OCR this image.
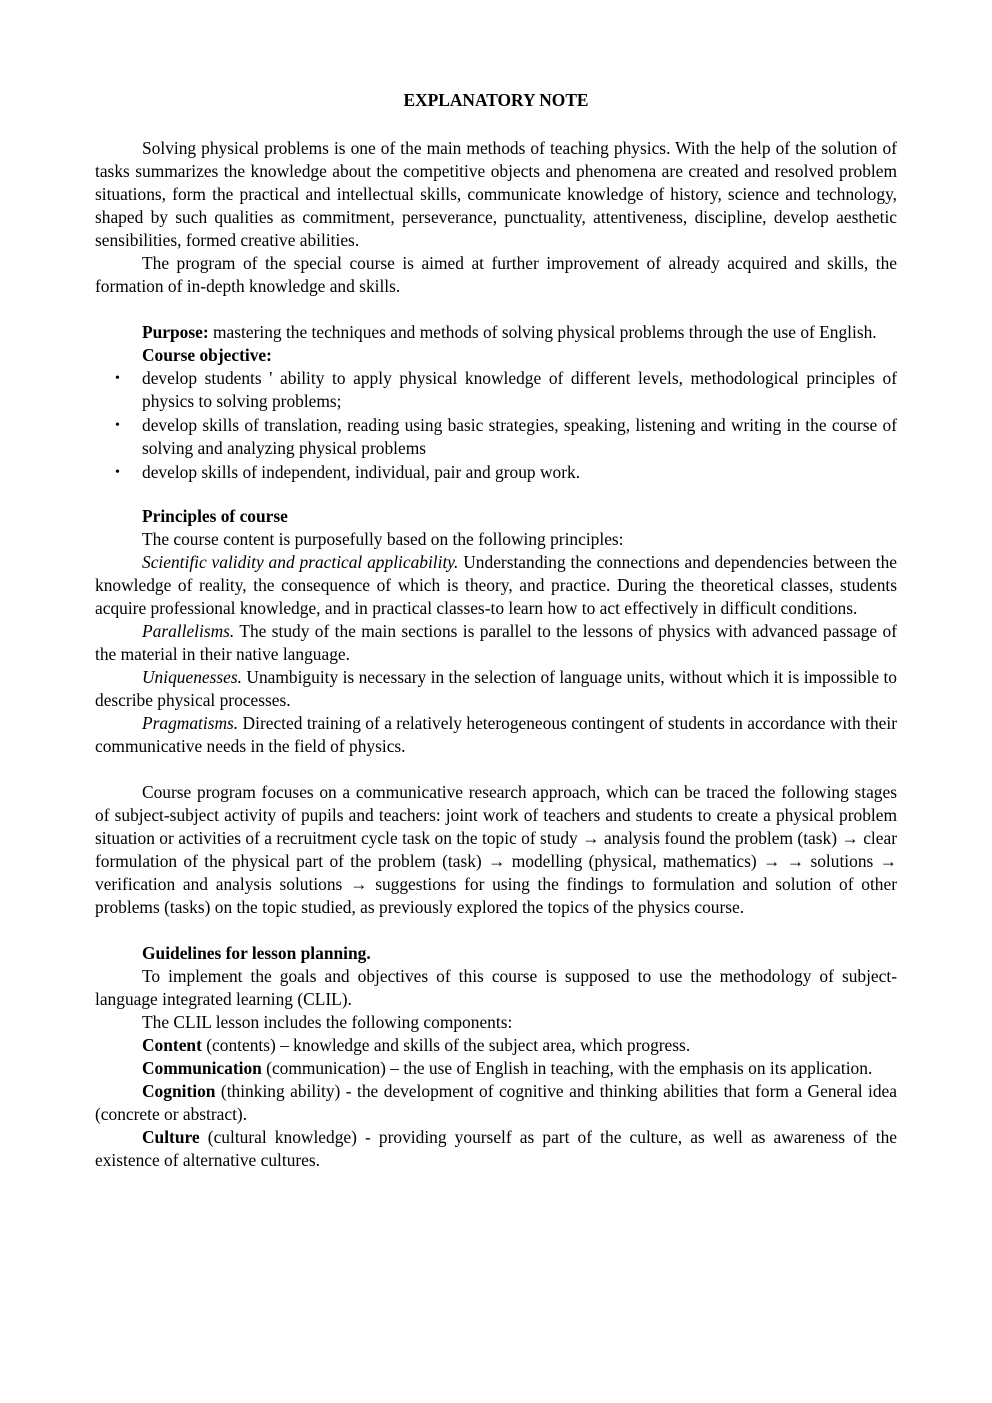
EXPLANATORY NOTE

Solving physical problems is one of the main methods of teaching physics. With the help of the solution of tasks summarizes the knowledge about the competitive objects and phenomena are created and resolved problem situations, form the practical and intellectual skills, communicate knowledge of history, science and technology, shaped by such qualities as commitment, perseverance, punctuality, attentiveness, discipline, develop aesthetic sensibilities, formed creative abilities.

The program of the special course is aimed at further improvement of already acquired and skills, the formation of in-depth knowledge and skills.

Purpose: mastering the techniques and methods of solving physical problems through the use of English.

Course objective:

• develop students ' ability to apply physical knowledge of different levels, methodological principles of physics to solving problems;
• develop skills of translation, reading using basic strategies, speaking, listening and writing in the course of solving and analyzing physical problems
• develop skills of independent, individual, pair and group work.

Principles of course

The course content is purposefully based on the following principles:

Scientific validity and practical applicability. Understanding the connections and dependencies between the knowledge of reality, the consequence of which is theory, and practice. During the theoretical classes, students acquire professional knowledge, and in practical classes-to learn how to act effectively in difficult conditions.

Parallelisms. The study of the main sections is parallel to the lessons of physics with advanced passage of the material in their native language.

Uniquenesses. Unambiguity is necessary in the selection of language units, without which it is impossible to describe physical processes.

Pragmatisms. Directed training of a relatively heterogeneous contingent of students in accordance with their communicative needs in the field of physics.

Course program focuses on a communicative research approach, which can be traced the following stages of subject-subject activity of pupils and teachers: joint work of teachers and students to create a physical problem situation or activities of a recruitment cycle task on the topic of study → analysis found the problem (task) → clear formulation of the physical part of the problem (task) → modelling (physical, mathematics) → → solutions → verification and analysis solutions → suggestions for using the findings to formulation and solution of other problems (tasks) on the topic studied, as previously explored the topics of the physics course.

Guidelines for lesson planning.

To implement the goals and objectives of this course is supposed to use the methodology of subject-language integrated learning (CLIL).

The CLIL lesson includes the following components:

Content (contents) – knowledge and skills of the subject area, which progress.

Communication (communication) – the use of English in teaching, with the emphasis on its application.

Cognition (thinking ability) - the development of cognitive and thinking abilities that form a General idea (concrete or abstract).

Culture (cultural knowledge) - providing yourself as part of the culture, as well as awareness of the existence of alternative cultures.
